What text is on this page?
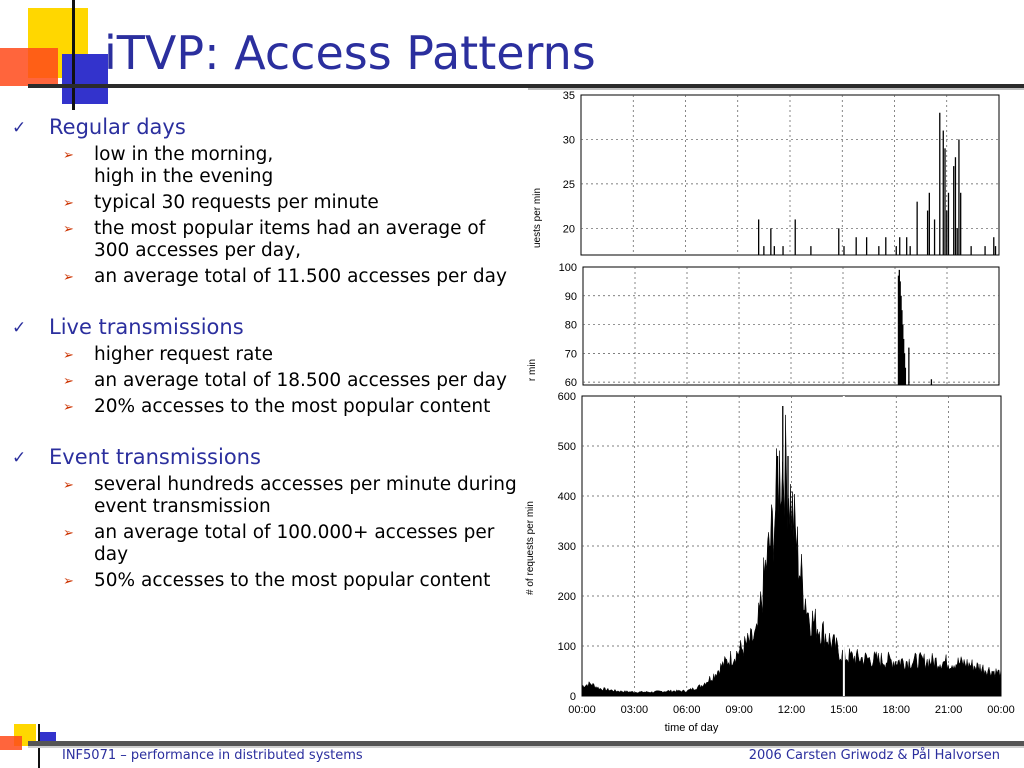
iTVP: Access Patterns
✓ Regular days
➢ low in the morning,
high in the evening
➢ typical 30 requests per minute
➢ the most popular items had an average of 300 accesses per day,
➢ an average total of 11.500 accesses per day
✓ Live transmissions
➢ higher request rate
➢ an average total of 18.500 accesses per day
➢ 20% accesses to the most popular content
✓ Event transmissions
➢ several hundreds accesses per minute during event transmission
➢ an average total of 100.000+ accesses per day
➢ 50% accesses to the most popular content
20
25
30
35
uests per min
60
70
80
90
100
r min
0
100
200
300
400
500
600
# of requests per min
00:00 03:00 06:00 09:00 12:00 15:00 18:00 21:00 00:00
time of day
INF5071 – performance in distributed systems	2006 Carsten Griwodz & Pål Halvorsen
